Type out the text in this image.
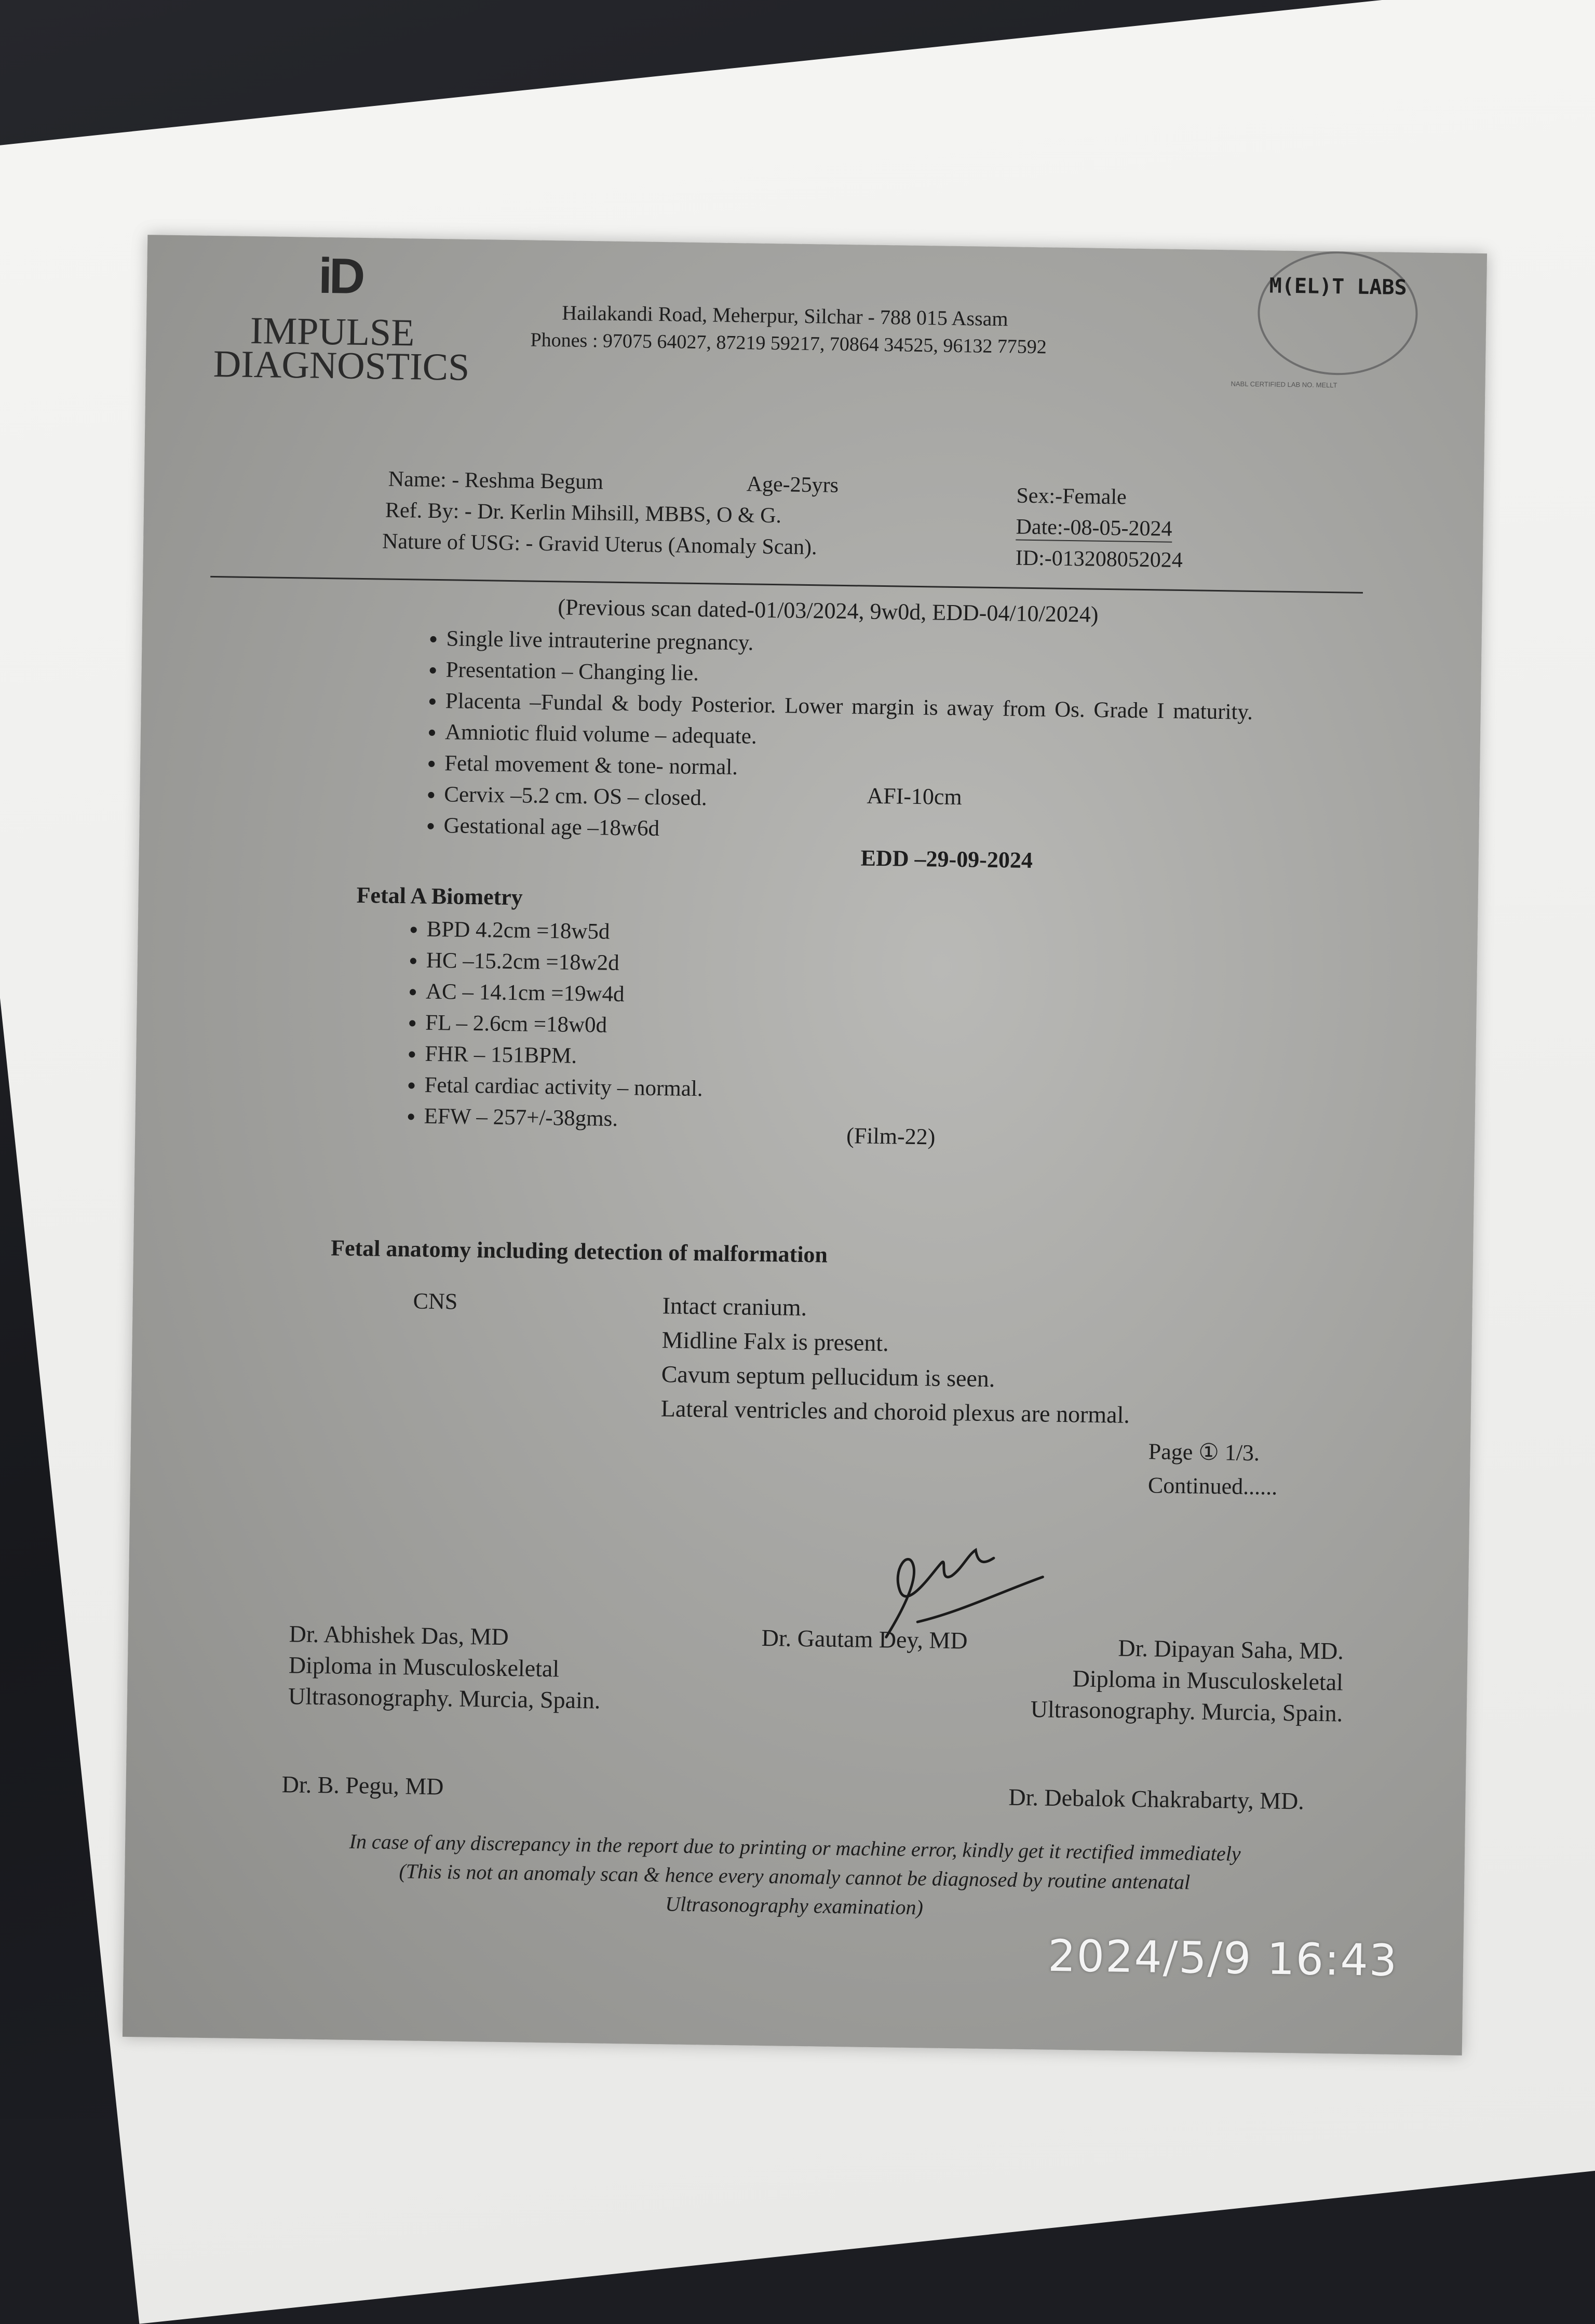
iD
IMPULSE
DIAGNOSTICS
Hailakandi Road, Meherpur, Silchar - 788 015 Assam
Phones : 97075 64027, 87219 59217, 70864 34525, 96132 77592
M(EL)T LABS
NABL CERTIFIED LAB NO. MELLT
Name: - Reshma Begum	Age-25yrs	Sex:-Female
Ref. By: - Dr. Kerlin Mihsill, MBBS, O & G.
Date:-08-05-2024
Nature of USG: - Gravid Uterus (Anomaly Scan).	ID:-013208052024
(Previous scan dated-01/03/2024, 9w0d, EDD-04/10/2024)
• Single live intrauterine pregnancy.
• Presentation – Changing lie.
• Placenta –Fundal & body Posterior. Lower margin is away from Os. Grade I maturity.
• Amniotic fluid volume – adequate.
• Fetal movement & tone- normal.
• Cervix –5.2 cm. OS – closed.
• Gestational age –18w6d
AFI-10cm
EDD –29-09-2024
Fetal A Biometry
• BPD 4.2cm =18w5d
• HC –15.2cm =18w2d
• AC – 14.1cm =19w4d
• FL – 2.6cm =18w0d
• FHR – 151BPM.
• Fetal cardiac activity – normal.
• EFW – 257+/-38gms.
(Film-22)
Fetal anatomy including detection of malformation
CNS	Intact cranium.
Midline Falx is present.
Cavum septum pellucidum is seen.
Lateral ventricles and choroid plexus are normal.
Page ① 1/3.
Continued......
Dr. Abhishek Das, MD
Diploma in Musculoskeletal
Ultrasonography. Murcia, Spain.
Dr. Gautam Dey, MD	Dr. Dipayan Saha, MD.
Diploma in Musculoskeletal
Ultrasonography. Murcia, Spain.
Dr. B. Pegu, MD	Dr. Debalok Chakrabarty, MD.
In case of any discrepancy in the report due to printing or machine error, kindly get it rectified immediately
(This is not an anomaly scan & hence every anomaly cannot be diagnosed by routine antenatal
Ultrasonography examination)
2024/5/9 16:43
